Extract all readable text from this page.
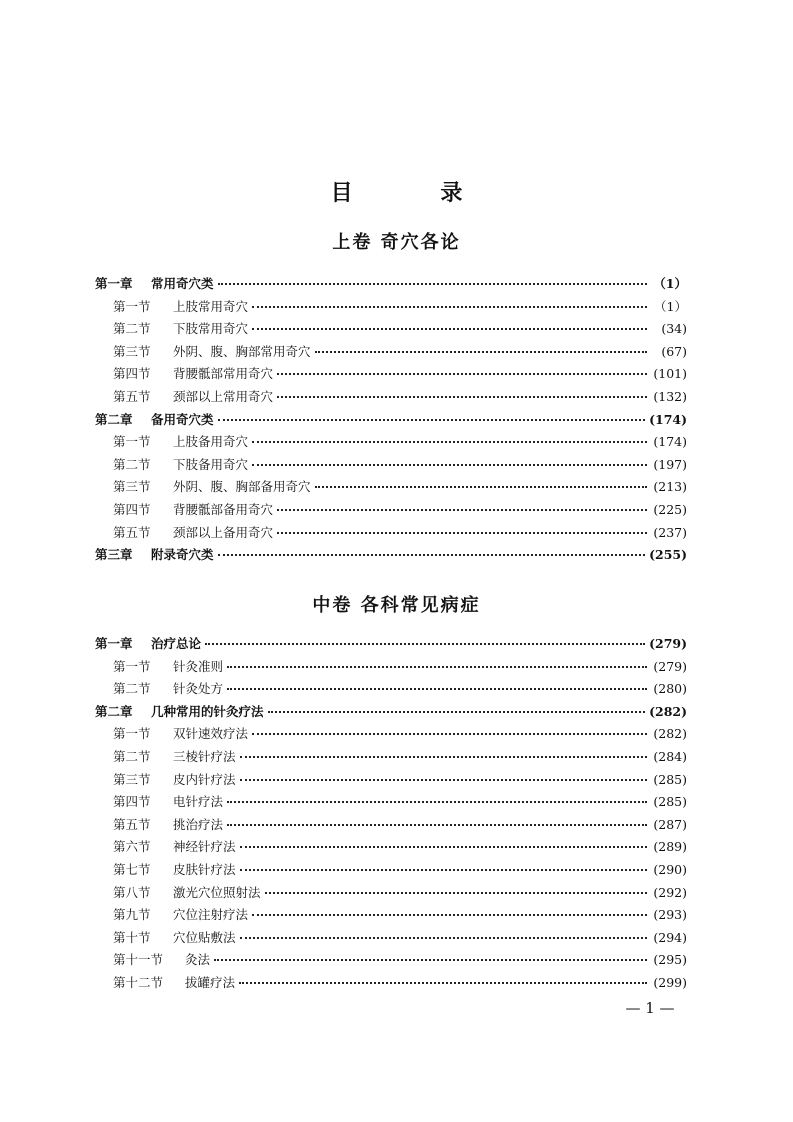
目 录
上卷 奇穴各论
第一章	常用奇穴类	（1）
第一节	上肢常用奇穴	（1）
第二节	下肢常用奇穴	(34)
第三节	外阴、腹、胸部常用奇穴	(67)
第四节	背腰骶部常用奇穴	(101)
第五节	颈部以上常用奇穴	(132)
第二章	备用奇穴类	(174)
第一节	上肢备用奇穴	(174)
第二节	下肢备用奇穴	(197)
第三节	外阴、腹、胸部备用奇穴	(213)
第四节	背腰骶部备用奇穴	(225)
第五节	颈部以上备用奇穴	(237)
第三章	附录奇穴类	(255)
中卷 各科常见病症
第一章	治疗总论	(279)
第一节	针灸准则	(279)
第二节	针灸处方	(280)
第二章	几种常用的针灸疗法	(282)
第一节	双针速效疗法	(282)
第二节	三棱针疗法	(284)
第三节	皮内针疗法	(285)
第四节	电针疗法	(285)
第五节	挑治疗法	(287)
第六节	神经针疗法	(289)
第七节	皮肤针疗法	(290)
第八节	激光穴位照射法	(292)
第九节	穴位注射疗法	(293)
第十节	穴位贴敷法	(294)
第十一节	灸法	(295)
第十二节	拔罐疗法	(299)

— 1 —
